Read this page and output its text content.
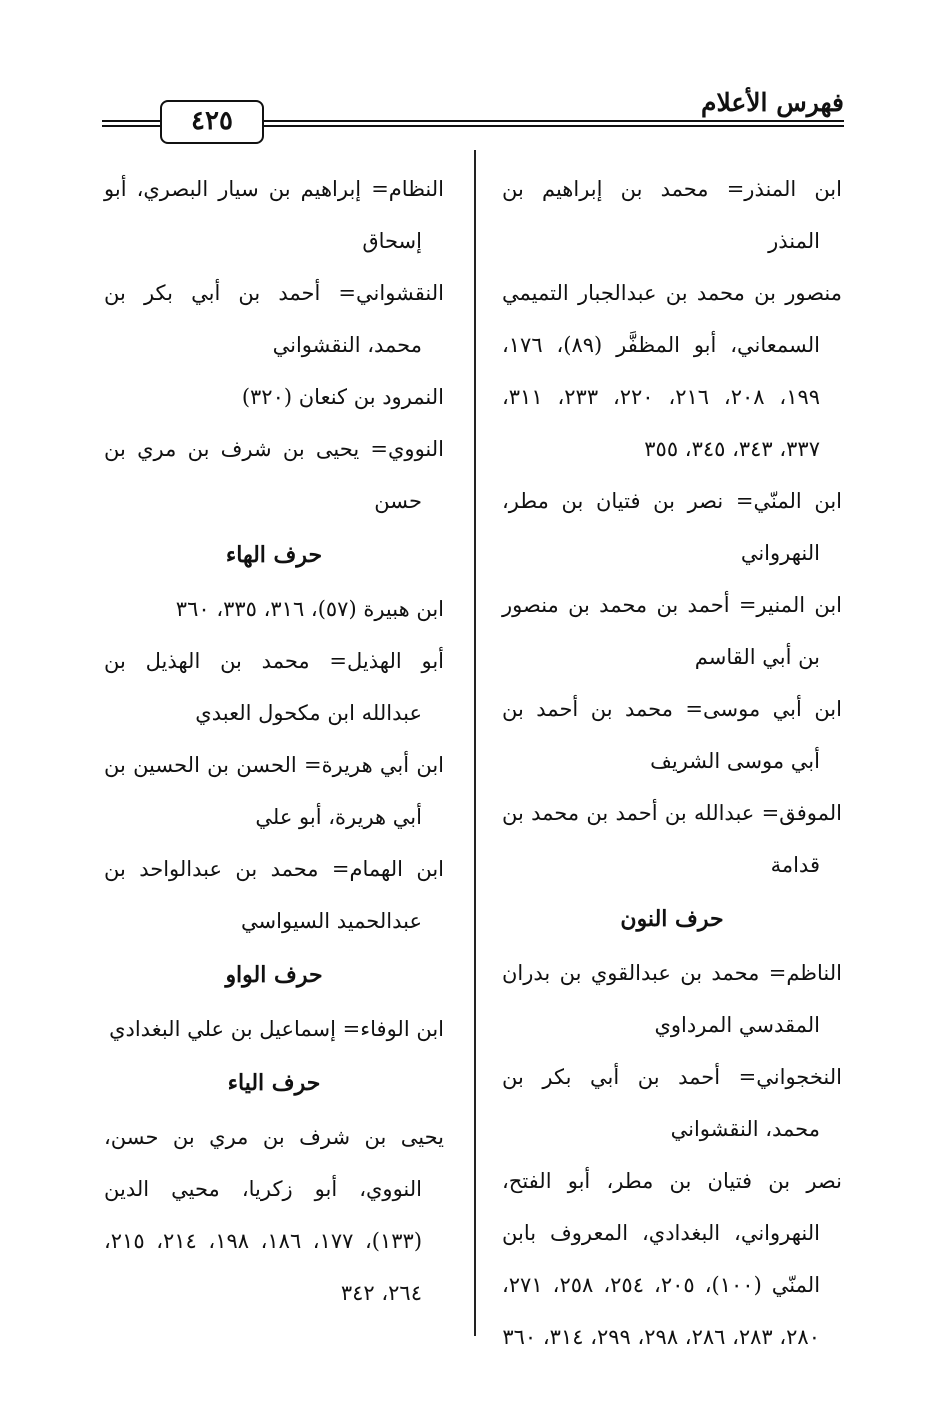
فهرس الأعلام
٤٢٥

ابن المنذر= محمد بن إبراهيم بن المنذر

منصور بن محمد بن عبدالجبار التميمي السمعاني، أبو المظفَّر (٨٩)، ١٧٦، ١٩٩، ٢٠٨، ٢١٦، ٢٢٠، ٢٣٣، ٣١١، ٣٣٧، ٣٤٣، ٣٤٥، ٣٥٥

ابن المنّي= نصر بن فتيان بن مطر، النهرواني

ابن المنير= أحمد بن محمد بن منصور بن أبي القاسم

ابن أبي موسى= محمد بن أحمد بن أبي موسى الشريف

الموفق= عبدالله بن أحمد بن محمد بن قدامة

حرف النون

الناظم= محمد بن عبدالقوي بن بدران المقدسي المرداوي

النخجواني= أحمد بن أبي بكر بن محمد، النقشواني

نصر بن فتيان بن مطر، أبو الفتح، النهرواني، البغدادي، المعروف بابن المنّي (١٠٠)، ٢٠٥، ٢٥٤، ٢٥٨، ٢٧١، ٢٨٠، ٢٨٣، ٢٨٦، ٢٩٨، ٢٩٩، ٣١٤، ٣٦٠

النظام= إبراهيم بن سيار البصري، أبو إسحاق

النقشواني= أحمد بن أبي بكر بن محمد، النقشواني

النمرود بن كنعان (٣٢٠)

النووي= يحيى بن شرف بن مري بن حسن

حرف الهاء

ابن هبيرة (٥٧)، ٣١٦، ٣٣٥، ٣٦٠

أبو الهذيل= محمد بن الهذيل بن عبدالله ابن مكحول العبدي

ابن أبي هريرة= الحسن بن الحسين بن أبي هريرة، أبو علي

ابن الهمام= محمد بن عبدالواحد بن عبدالحميد السيواسي

حرف الواو

ابن الوفاء= إسماعيل بن علي البغدادي

حرف الياء

يحيى بن شرف بن مري بن حسن، النووي، أبو زكريا، محيي الدين (١٣٣)، ١٧٧، ١٨٦، ١٩٨، ٢١٤، ٢١٥، ٢٦٤، ٣٤٢
